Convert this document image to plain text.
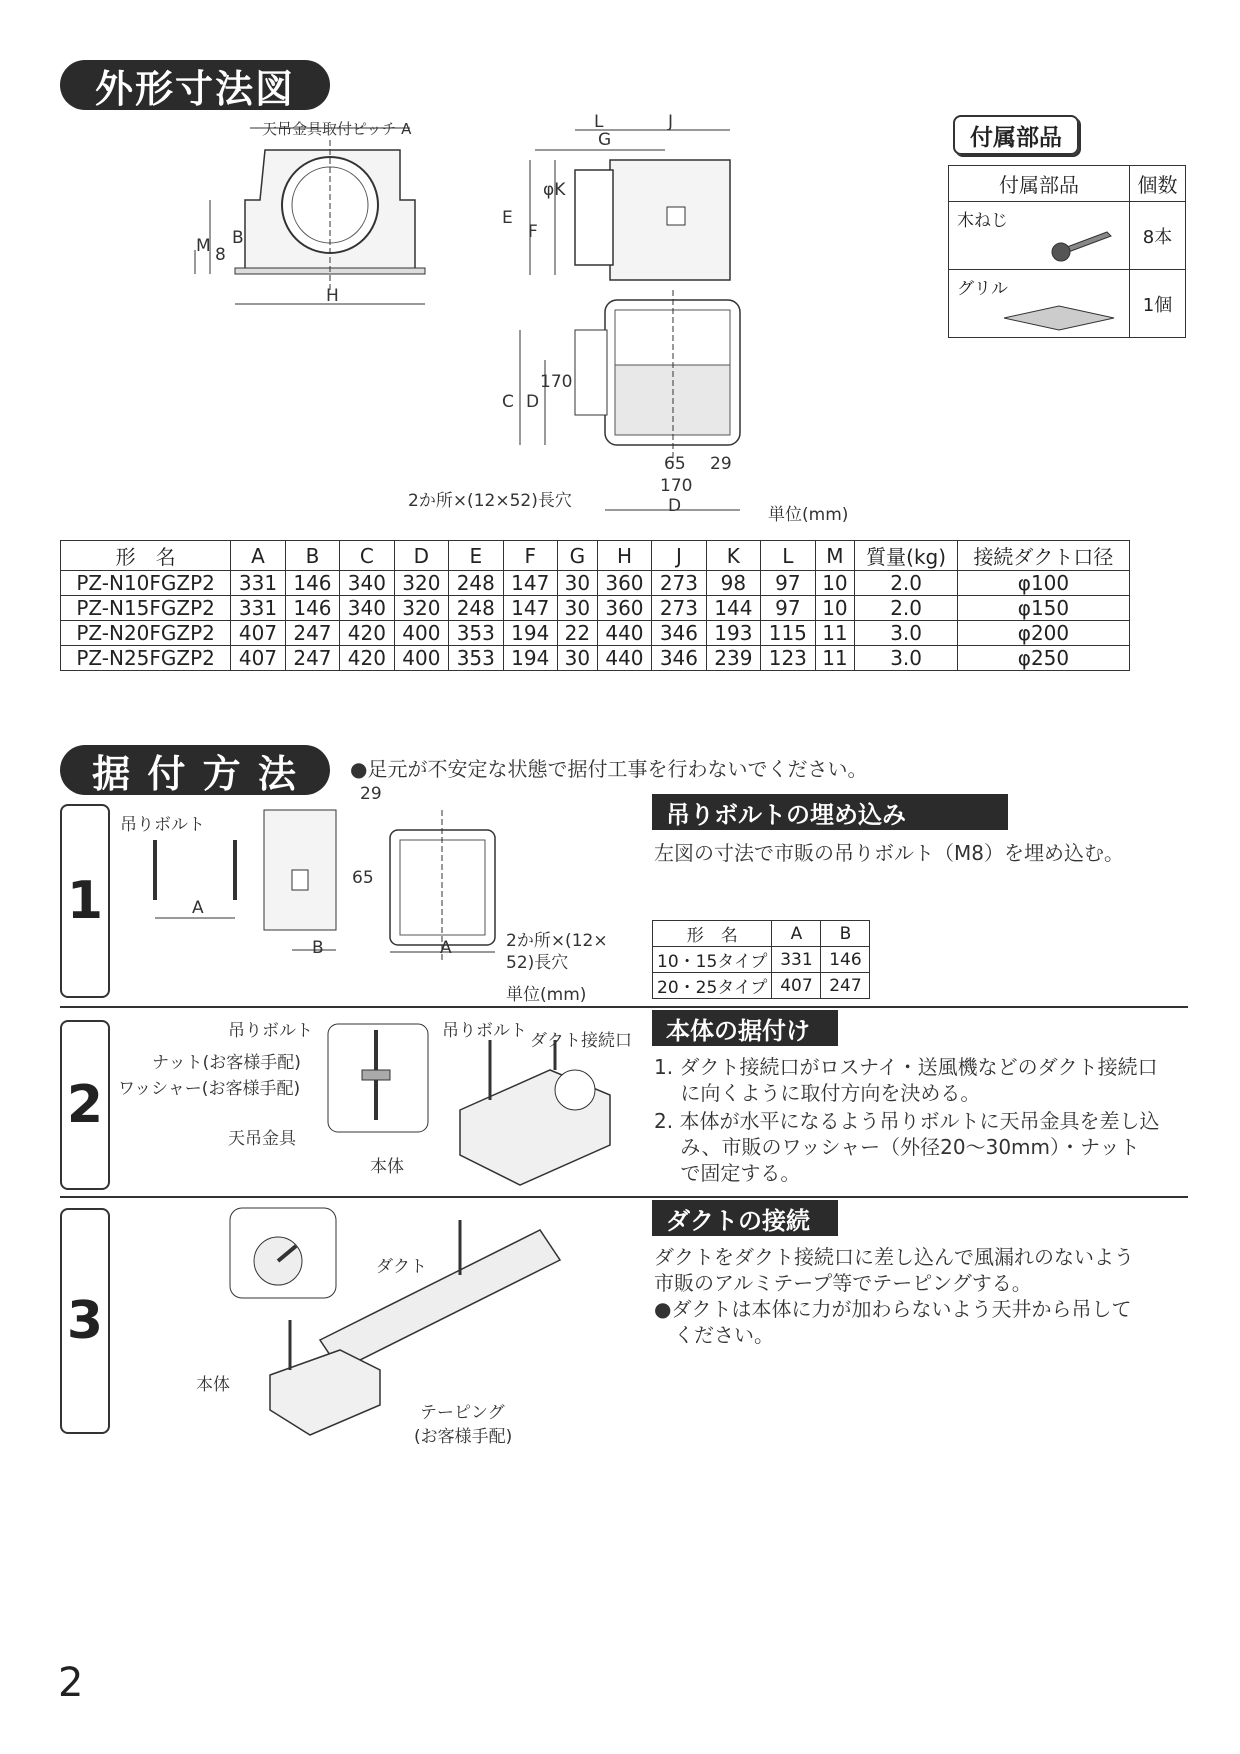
外形寸法図
天吊金具取付ピッチ A
M 8
B
H
L
G
J
φK
E
F
C D
170
65
170
29
D
2か所×(12×52)長穴
単位(mm)
付属部品
付属部品	個数

木ねじ	8本

グリル	1個
形　名	A	B	C	D	E	F	G	H	J	K	L	M	質量(kg)	接続ダクト口径
PZ-N10FGZP2	331	146	340	320	248	147	30	360	273	98	97	10	2.0	φ100
PZ-N15FGZP2	331	146	340	320	248	147	30	360	273	144	97	10	2.0	φ150
PZ-N20FGZP2	407	247	420	400	353	194	22	440	346	193	115	11	3.0	φ200
PZ-N25FGZP2	407	247	420	400	353	194	30	440	346	239	123	11	3.0	φ250
据 付 方 法	●足元が不安定な状態で据付工事を行わないでください。
1
吊りボルト
A
B
29
65
A	2か所×(12×
52)長穴
単位(mm)
吊りボルトの埋め込み
左図の寸法で市販の吊りボルト（M8）を埋め込む。
形　名	A	B
10・15タイプ	331	146
20・25タイプ	407	247
2
吊りボルト
ナット(お客様手配)
ワッシャー(お客様手配)
天吊金具
吊りボルト ダクト接続口
本体
本体の据付け
1. ダクト接続口がロスナイ・送風機などのダクト接続口
　 に向くように取付方向を決める。
2. 本体が水平になるよう吊りボルトに天吊金具を差し込
　 み、市販のワッシャー（外径20～30mm）・ナット
　 で固定する。
3
ダクト
本体
テーピング
(お客様手配)
ダクトの接続
ダクトをダクト接続口に差し込んで風漏れのないよう
市販のアルミテープ等でテーピングする。
●ダクトは本体に力が加わらないよう天井から吊して
　ください。
2
